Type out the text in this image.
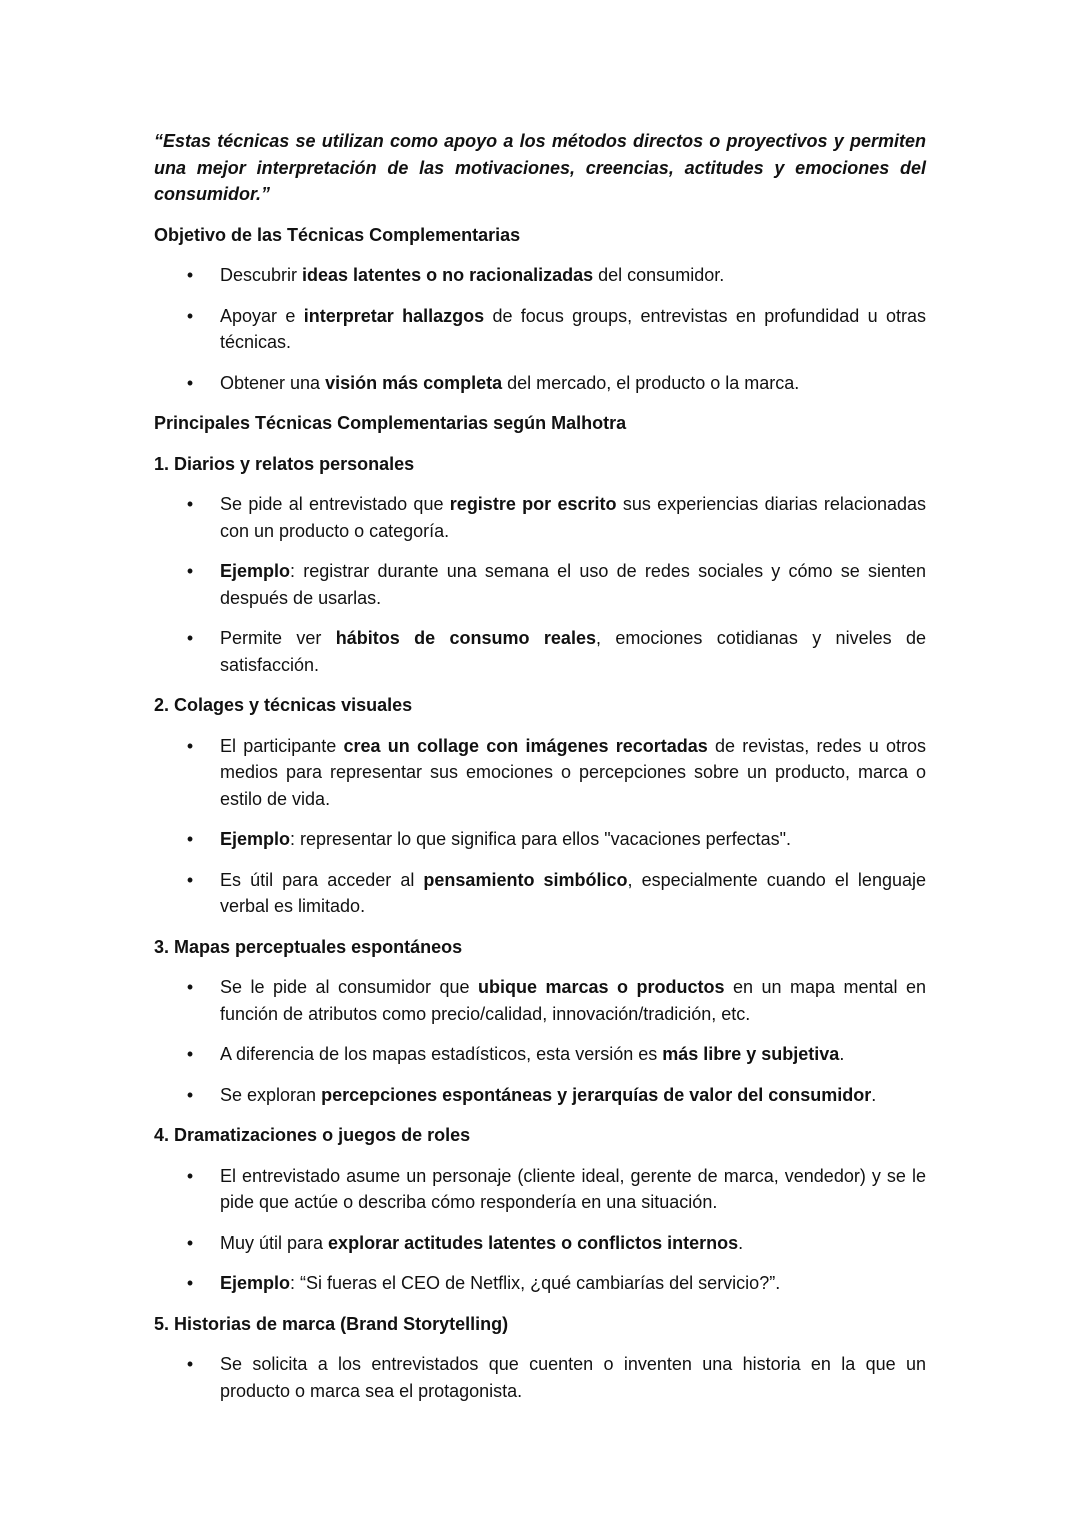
“Estas técnicas se utilizan como apoyo a los métodos directos o proyectivos y permiten una mejor interpretación de las motivaciones, creencias, actitudes y emociones del consumidor.”

Objetivo de las Técnicas Complementarias

• Descubrir ideas latentes o no racionalizadas del consumidor.
• Apoyar e interpretar hallazgos de focus groups, entrevistas en profundidad u otras técnicas.
• Obtener una visión más completa del mercado, el producto o la marca.

Principales Técnicas Complementarias según Malhotra

1. Diarios y relatos personales

• Se pide al entrevistado que registre por escrito sus experiencias diarias relacionadas con un producto o categoría.
• Ejemplo: registrar durante una semana el uso de redes sociales y cómo se sienten después de usarlas.
• Permite ver hábitos de consumo reales, emociones cotidianas y niveles de satisfacción.

2. Colages y técnicas visuales

• El participante crea un collage con imágenes recortadas de revistas, redes u otros medios para representar sus emociones o percepciones sobre un producto, marca o estilo de vida.
• Ejemplo: representar lo que significa para ellos "vacaciones perfectas".
• Es útil para acceder al pensamiento simbólico, especialmente cuando el lenguaje verbal es limitado.

3. Mapas perceptuales espontáneos

• Se le pide al consumidor que ubique marcas o productos en un mapa mental en función de atributos como precio/calidad, innovación/tradición, etc.
• A diferencia de los mapas estadísticos, esta versión es más libre y subjetiva.
• Se exploran percepciones espontáneas y jerarquías de valor del consumidor.

4. Dramatizaciones o juegos de roles

• El entrevistado asume un personaje (cliente ideal, gerente de marca, vendedor) y se le pide que actúe o describa cómo respondería en una situación.
• Muy útil para explorar actitudes latentes o conflictos internos.
• Ejemplo: “Si fueras el CEO de Netflix, ¿qué cambiarías del servicio?”.

5. Historias de marca (Brand Storytelling)

• Se solicita a los entrevistados que cuenten o inventen una historia en la que un producto o marca sea el protagonista.
